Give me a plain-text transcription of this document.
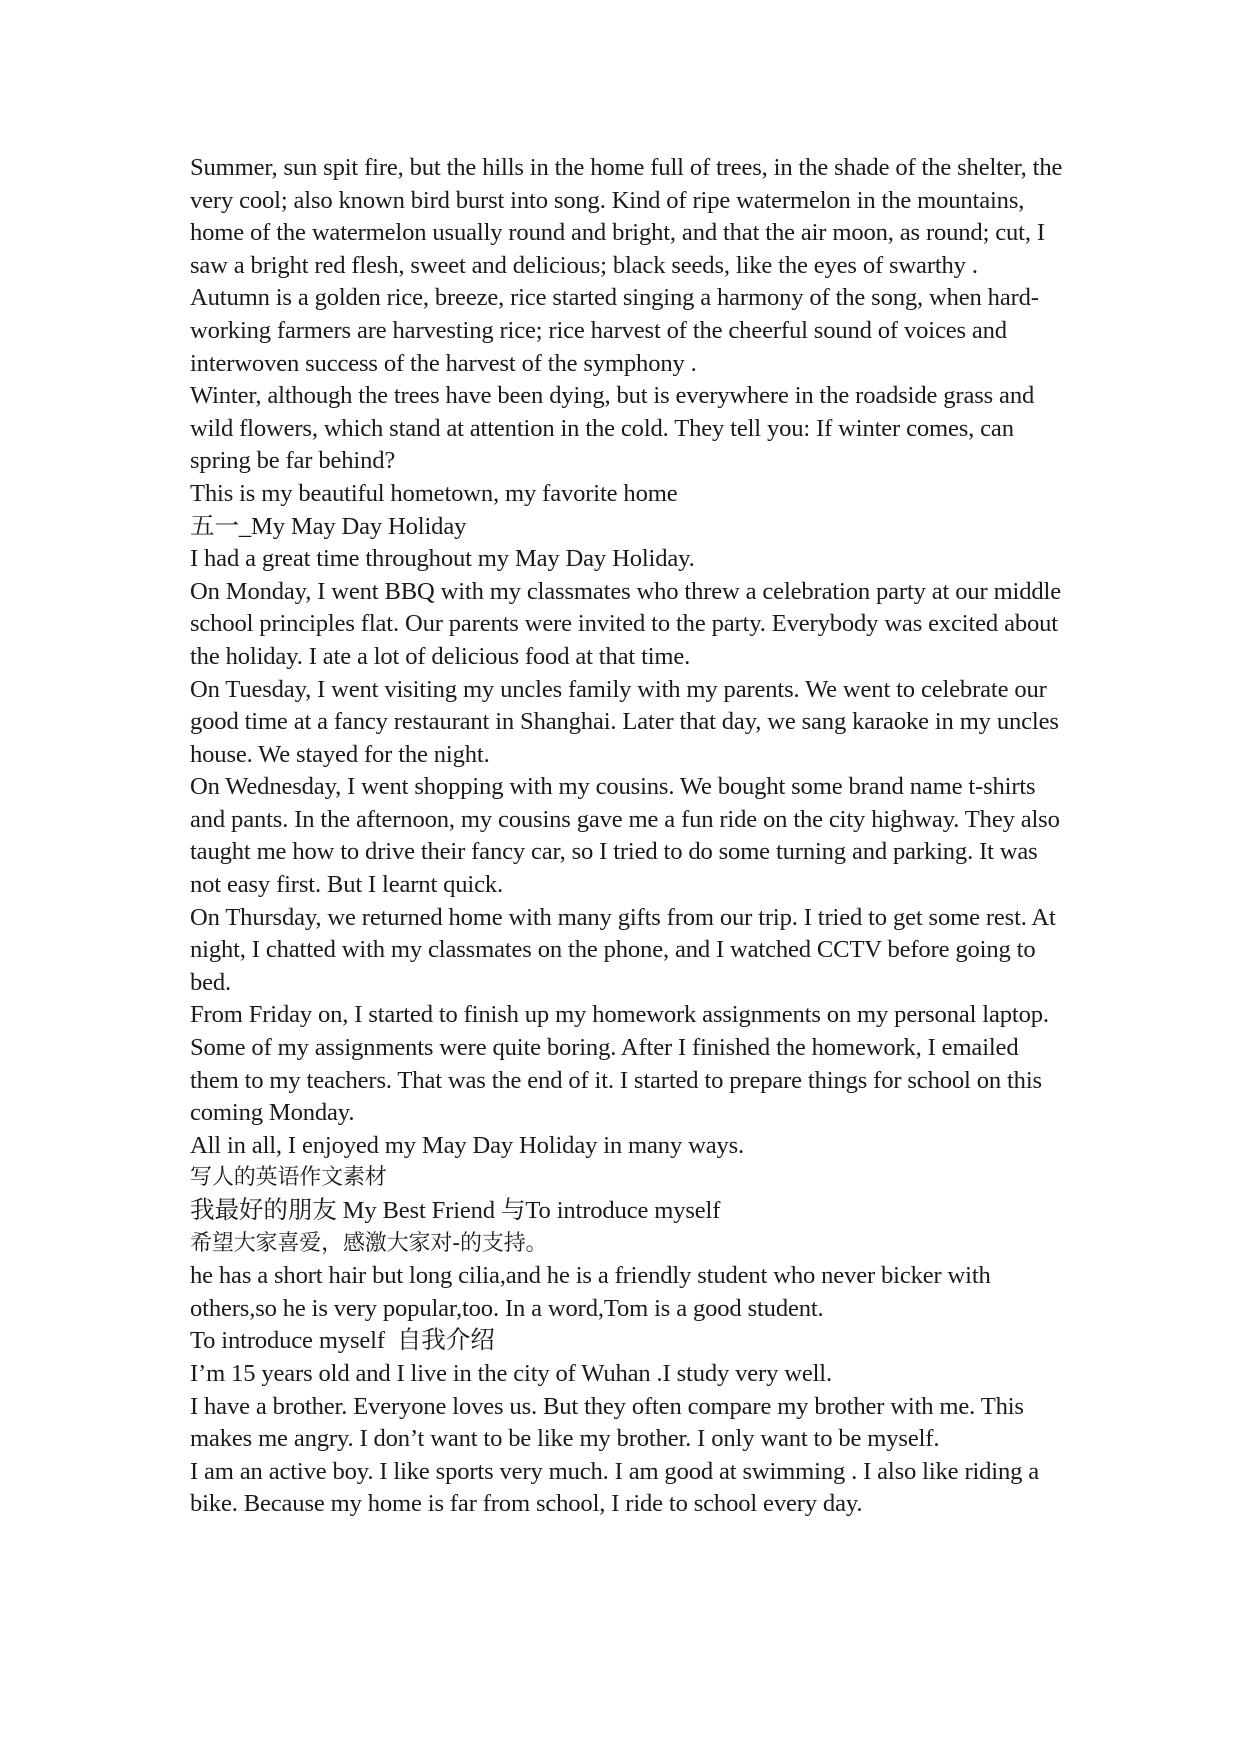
Summer, sun spit fire, but the hills in the home full of trees, in the shade of the shelter, the very cool; also known bird burst into song. Kind of ripe watermelon in the mountains, home of the watermelon usually round and bright, and that the air moon, as round; cut, I saw a bright red flesh, sweet and delicious; black seeds, like the eyes of swarthy .

Autumn is a golden rice, breeze, rice started singing a harmony of the song, when hard-working farmers are harvesting rice; rice harvest of the cheerful sound of voices and interwoven success of the harvest of the symphony .

Winter, although the trees have been dying, but is everywhere in the roadside grass and wild flowers, which stand at attention in the cold. They tell you: If winter comes, can spring be far behind?

This is my beautiful hometown, my favorite home

五一_My May Day Holiday

I had a great time throughout my May Day Holiday.

On Monday, I went BBQ with my classmates who threw a celebration party at our middle school principles flat. Our parents were invited to the party. Everybody was excited about the holiday. I ate a lot of delicious food at that time.

On Tuesday, I went visiting my uncles family with my parents. We went to celebrate our good time at a fancy restaurant in Shanghai. Later that day, we sang karaoke in my uncles house. We stayed for the night.

On Wednesday, I went shopping with my cousins. We bought some brand name t-shirts and pants. In the afternoon, my cousins gave me a fun ride on the city highway. They also taught me how to drive their fancy car, so I tried to do some turning and parking. It was not easy first. But I learnt quick.

On Thursday, we returned home with many gifts from our trip. I tried to get some rest. At night, I chatted with my classmates on the phone, and I watched CCTV before going to bed.

From Friday on, I started to finish up my homework assignments on my personal laptop. Some of my assignments were quite boring. After I finished the homework, I emailed them to my teachers. That was the end of it. I started to prepare things for school on this coming Monday.

All in all, I enjoyed my May Day Holiday in many ways.

写人的英语作文素材

我最好的朋友 My Best Friend 与To introduce myself

希望大家喜爱，感激大家对-的支持。

he has a short hair but long cilia,and he is a friendly student who never bicker with others,so he is very popular,too. In a word,Tom is a good student.

To introduce myself  自我介绍

I’m 15 years old and I live in the city of Wuhan .I study very well.

I have a brother. Everyone loves us. But they often compare my brother with me. This makes me angry. I don’t want to be like my brother. I only want to be myself.

I am an active boy. I like sports very much. I am good at swimming . I also like riding a bike. Because my home is far from school, I ride to school every day.
